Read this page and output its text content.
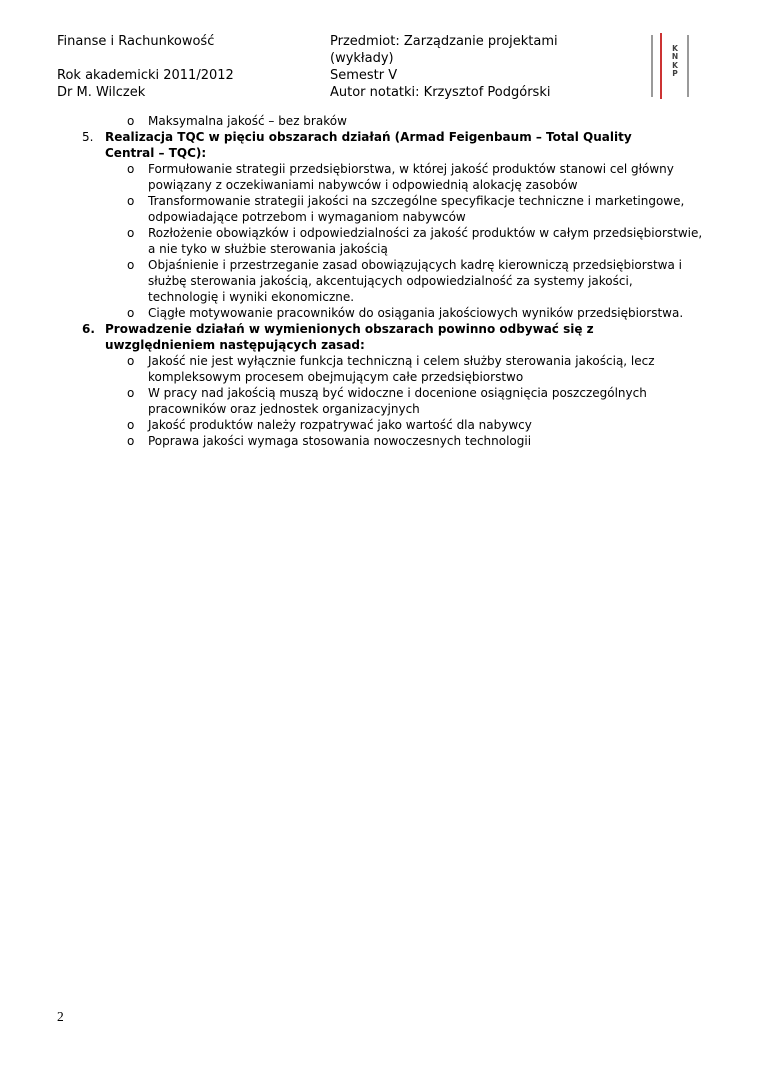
Finanse i Rachunkowość
Rok akademicki 2011/2012
Dr M. Wilczek
Przedmiot: Zarządzanie projektami
(wykłady)
Semestr V
Autor notatki: Krzysztof Podgórski
K
N
K
P
o	Maksymalna jakość – bez braków
5. Realizacja TQC w pięciu obszarach działań (Armad Feigenbaum – Total Quality Central – TQC):
o	Formułowanie strategii przedsiębiorstwa, w której jakość produktów stanowi cel główny powiązany z oczekiwaniami nabywców i odpowiednią alokację zasobów
o	Transformowanie strategii jakości na szczególne specyfikacje techniczne i marketingowe, odpowiadające potrzebom i wymaganiom nabywców
o	Rozłożenie obowiązków i odpowiedzialności za jakość produktów w całym przedsiębiorstwie, a nie tyko w służbie sterowania jakością
o	Objaśnienie i przestrzeganie zasad obowiązujących kadrę kierowniczą przedsiębiorstwa i służbę sterowania jakością, akcentujących odpowiedzialność za systemy jakości, technologię i wyniki ekonomiczne.
o	Ciągłe motywowanie pracowników do osiągania jakościowych wyników przedsiębiorstwa.
6. Prowadzenie działań w wymienionych obszarach powinno odbywać się z uwzględnieniem następujących zasad:
o	Jakość nie jest wyłącznie funkcja techniczną i celem służby sterowania jakością, lecz kompleksowym procesem obejmującym całe przedsiębiorstwo
o	W pracy nad jakością muszą być widoczne i docenione osiągnięcia poszczególnych pracowników oraz jednostek organizacyjnych
o	Jakość produktów należy rozpatrywać jako wartość dla nabywcy
o	Poprawa jakości wymaga stosowania nowoczesnych technologii
2
